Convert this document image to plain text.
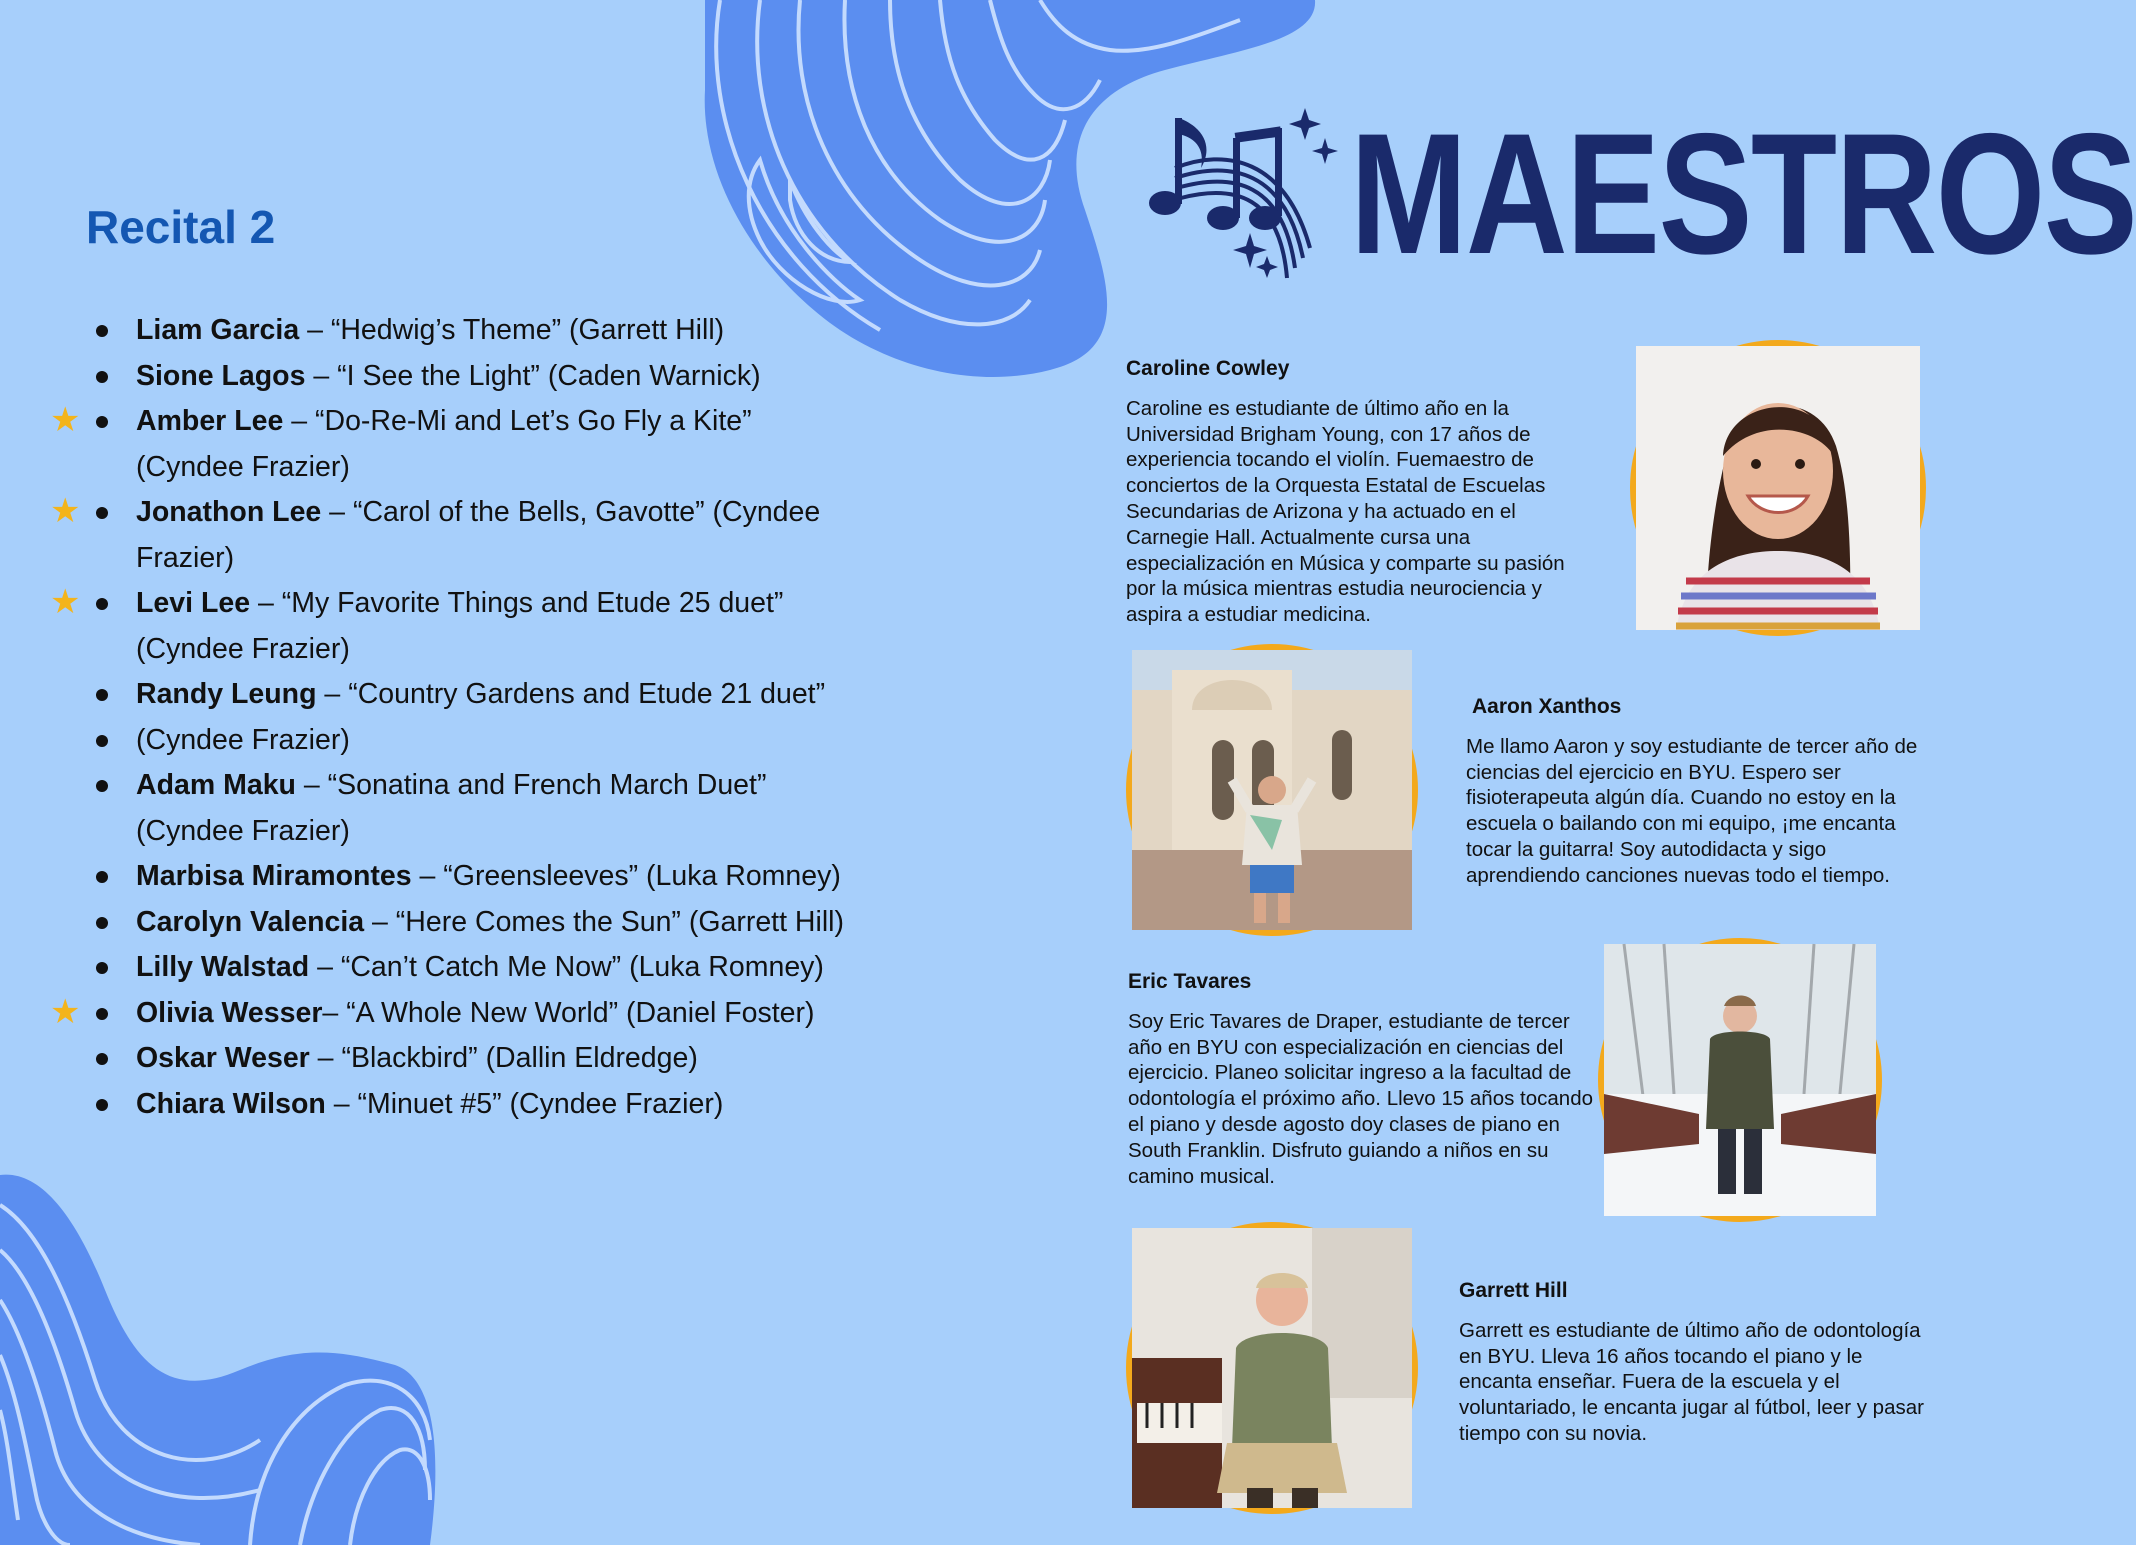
Recital 2
Liam Garcia – “Hedwig’s Theme” (Garrett Hill)
Sione Lagos – “I See the Light” (Caden Warnick)
★ Amber Lee – “Do-Re-Mi and Let’s Go Fly a Kite” (Cyndee Frazier)
★ Jonathon Lee – “Carol of the Bells, Gavotte” (Cyndee Frazier)
★ Levi Lee – “My Favorite Things and Etude 25 duet” (Cyndee Frazier)
Randy Leung – “Country Gardens and Etude 21 duet”
(Cyndee Frazier)
Adam Maku – “Sonatina and French March Duet” (Cyndee Frazier)
Marbisa Miramontes – “Greensleeves” (Luka Romney)
Carolyn Valencia – “Here Comes the Sun” (Garrett Hill)
Lilly Walstad – “Can’t Catch Me Now” (Luka Romney)
★ Olivia Wesser– “A Whole New World” (Daniel Foster)
Oskar Weser – “Blackbird” (Dallin Eldredge)
Chiara Wilson – “Minuet #5” (Cyndee Frazier)
MAESTROS
Caroline Cowley
Caroline es estudiante de último año en la Universidad Brigham Young, con 17 años de experiencia tocando el violín. Fuemaestro de conciertos de la Orquesta Estatal de Escuelas Secundarias de Arizona y ha actuado en el Carnegie Hall. Actualmente cursa una especialización en Música y comparte su pasión por la música mientras estudia neurociencia y aspira a estudiar medicina.
Aaron Xanthos
Me llamo Aaron y soy estudiante de tercer año de ciencias del ejercicio en BYU. Espero ser fisioterapeuta algún día. Cuando no estoy en la escuela o bailando con mi equipo, ¡me encanta tocar la guitarra! Soy autodidacta y sigo aprendiendo canciones nuevas todo el tiempo.
Eric Tavares
Soy Eric Tavares de Draper, estudiante de tercer año en BYU con especialización en ciencias del ejercicio. Planeo solicitar ingreso a la facultad de odontología el próximo año. Llevo 15 años tocando el piano y desde agosto doy clases de piano en South Franklin. Disfruto guiando a niños en su camino musical.
Garrett Hill
Garrett es estudiante de último año de odontología en BYU. Lleva 16 años tocando el piano y le encanta enseñar. Fuera de la escuela y el voluntariado, le encanta jugar al fútbol, leer y pasar tiempo con su novia.
